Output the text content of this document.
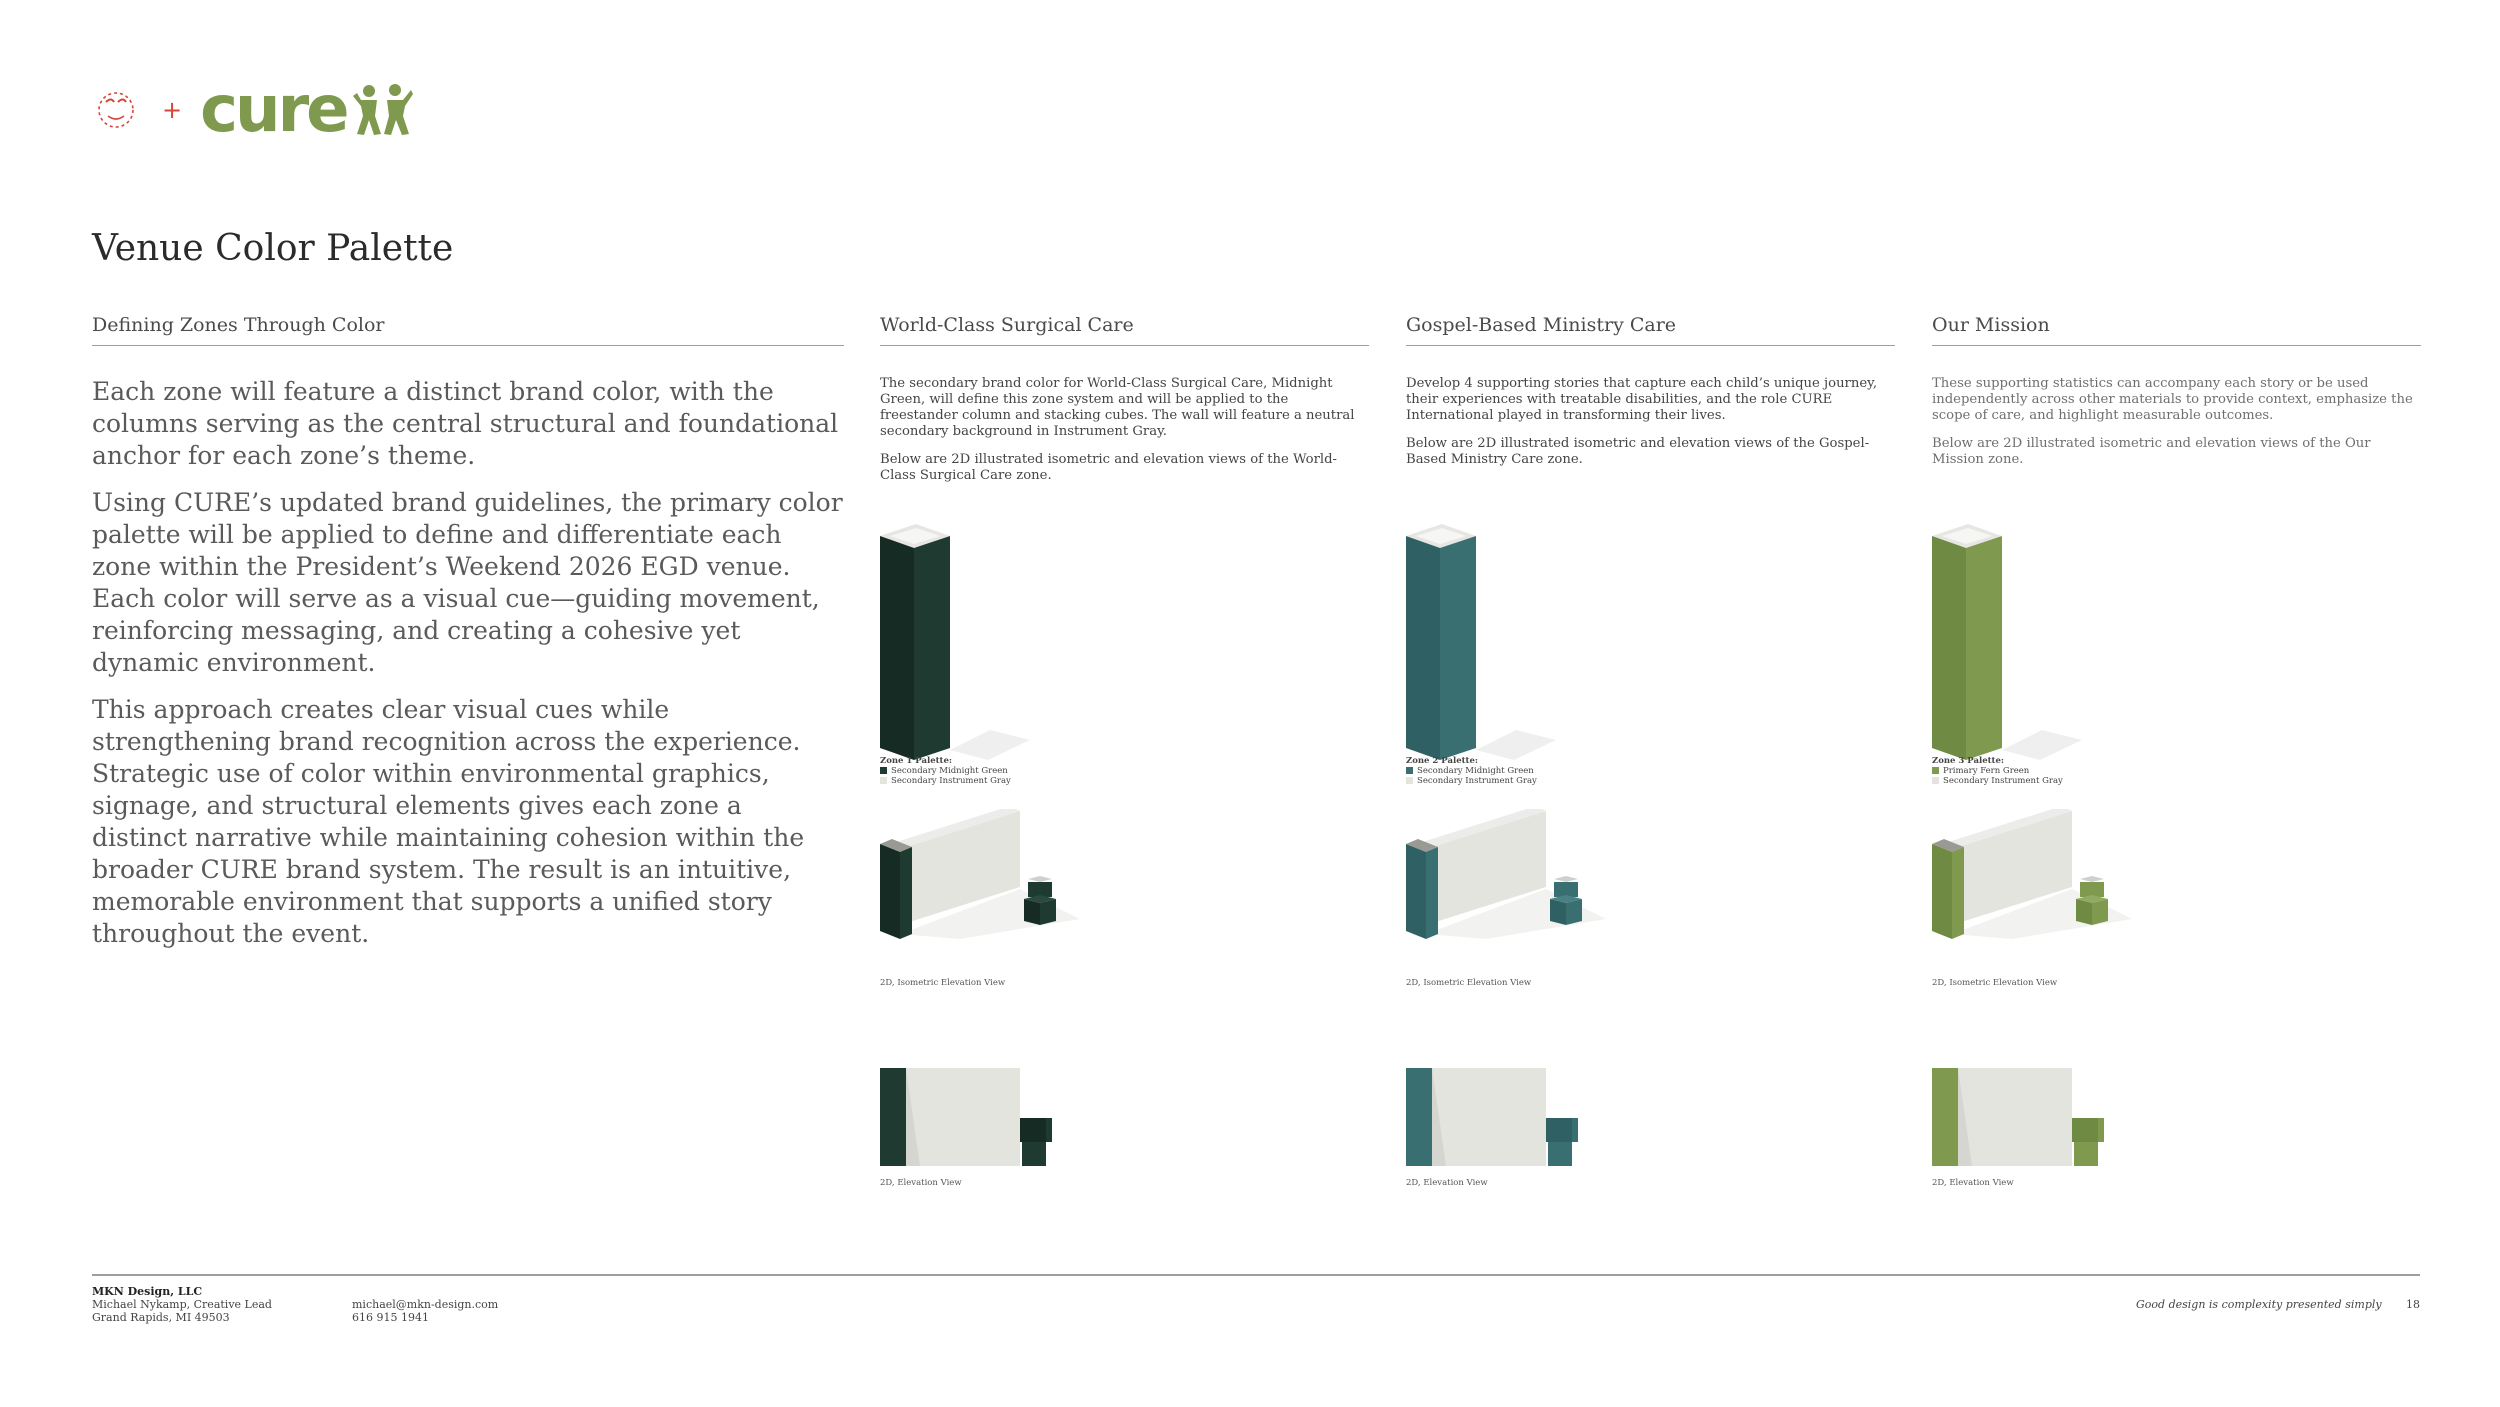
+ cure
Venue Color Palette
Defining Zones Through Color

Each zone will feature a distinct brand color, with the columns serving as the central structural and foundational anchor for each zone’s theme.

Using CURE’s updated brand guidelines, the primary color palette will be applied to define and differentiate each zone within the President’s Weekend 2026 EGD venue. Each color will serve as a visual cue—guiding movement, reinforcing messaging, and creating a cohesive yet dynamic environment.

This approach creates clear visual cues while strengthening brand recognition across the experience. Strategic use of color within environmental graphics, signage, and structural elements gives each zone a distinct narrative while maintaining cohesion within the broader CURE brand system. The result is an intuitive, memorable environment that supports a unified story throughout the event.

World-Class Surgical Care

The secondary brand color for World-Class Surgical Care, Midnight Green, will define this zone system and will be applied to the freestander column and stacking cubes. The wall will feature a neutral secondary background in Instrument Gray.

Below are 2D illustrated isometric and elevation views of the World-Class Surgical Care zone.

Zone 1 Palette:
Secondary Midnight Green
Secondary Instrument Gray
2D, Isometric Elevation View
2D, Elevation View
Gospel-Based Ministry Care

Develop 4 supporting stories that capture each child’s unique journey, their experiences with treatable disabilities, and the role CURE International played in transforming their lives.

Below are 2D illustrated isometric and elevation views of the Gospel-Based Ministry Care zone.

Zone 2 Palette:
Secondary Midnight Green
Secondary Instrument Gray
2D, Isometric Elevation View
2D, Elevation View
Our Mission

These supporting statistics can accompany each story or be used independently across other materials to provide context, emphasize the scope of care, and highlight measurable outcomes.

Below are 2D illustrated isometric and elevation views of the Our Mission zone.

Zone 3 Palette:
Primary Fern Green
Secondary Instrument Gray
2D, Isometric Elevation View
2D, Elevation View
MKN Design, LLC
Michael Nykamp, Creative Lead
Grand Rapids, MI 49503
michael@mkn-design.com
616 915 1941
Good design is complexity presented simply 18
